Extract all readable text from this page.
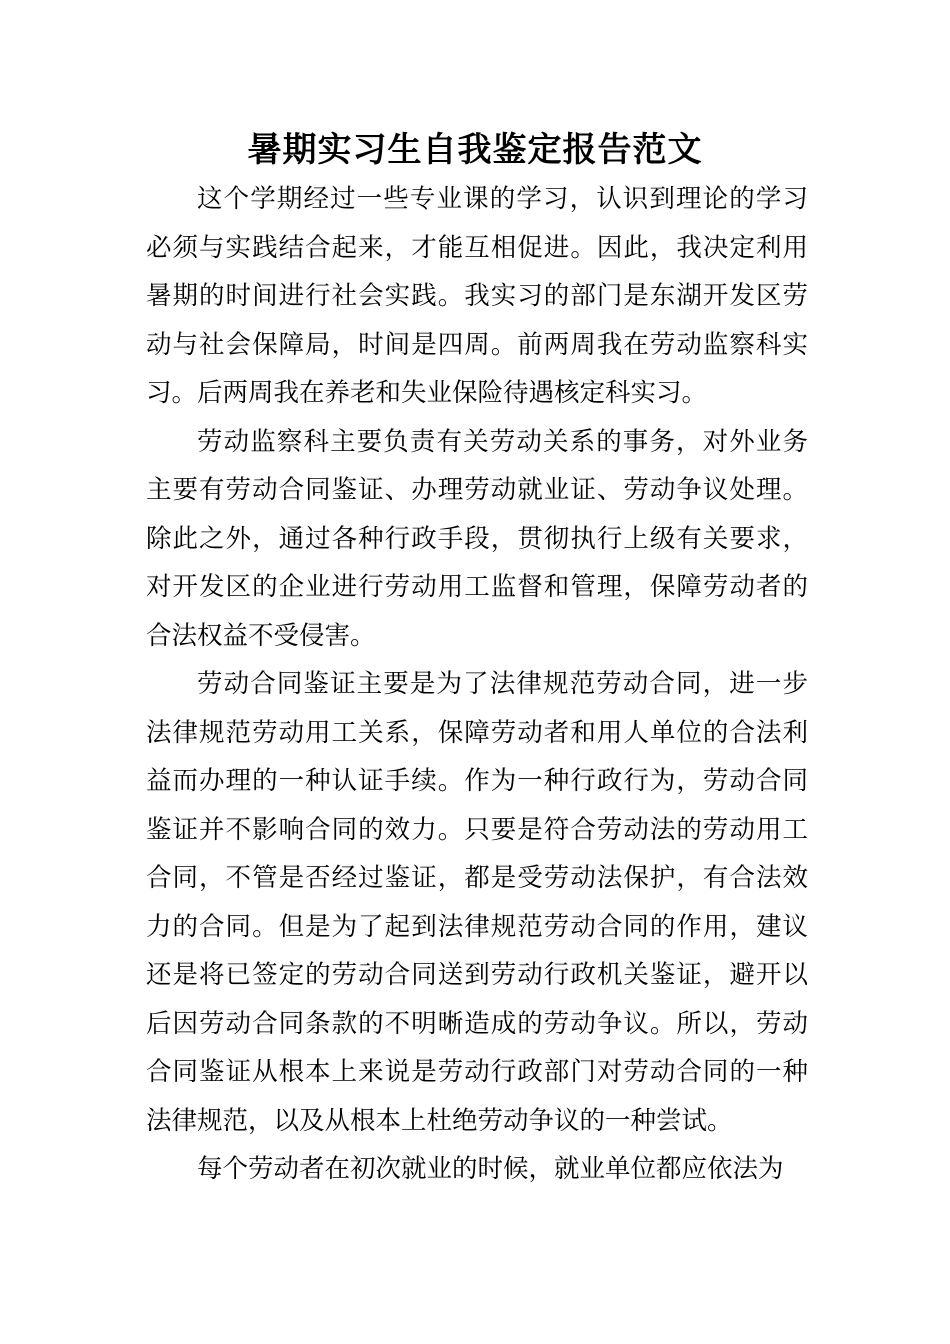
暑期实习生自我鉴定报告范文

这个学期经过一些专业课的学习，认识到理论的学习必须与实践结合起来，才能互相促进。因此，我决定利用暑期的时间进行社会实践。我实习的部门是东湖开发区劳动与社会保障局，时间是四周。前两周我在劳动监察科实习。后两周我在养老和失业保险待遇核定科实习。

劳动监察科主要负责有关劳动关系的事务，对外业务主要有劳动合同鉴证、办理劳动就业证、劳动争议处理。除此之外，通过各种行政手段，贯彻执行上级有关要求，对开发区的企业进行劳动用工监督和管理，保障劳动者的合法权益不受侵害。

劳动合同鉴证主要是为了法律规范劳动合同，进一步法律规范劳动用工关系，保障劳动者和用人单位的合法利益而办理的一种认证手续。作为一种行政行为，劳动合同鉴证并不影响合同的效力。只要是符合劳动法的劳动用工合同，不管是否经过鉴证，都是受劳动法保护，有合法效力的合同。但是为了起到法律规范劳动合同的作用，建议还是将已签定的劳动合同送到劳动行政机关鉴证，避开以后因劳动合同条款的不明晰造成的劳动争议。所以，劳动合同鉴证从根本上来说是劳动行政部门对劳动合同的一种法律规范，以及从根本上杜绝劳动争议的一种尝试。

每个劳动者在初次就业的时候，就业单位都应依法为
